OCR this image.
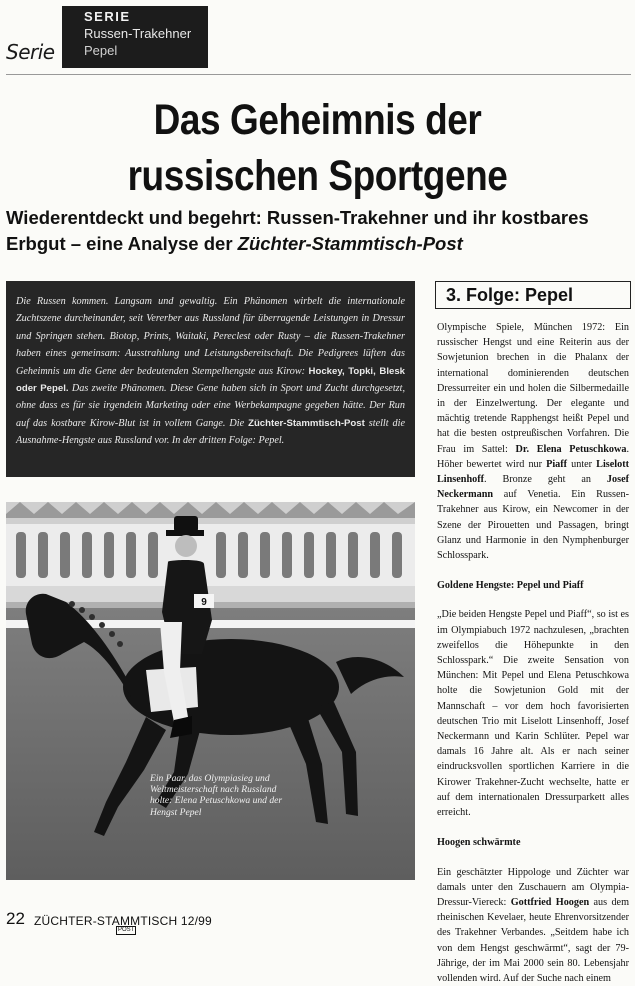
Serie
SERIE
Russen-Trakehner
Pepel
Das Geheimnis der
russischen Sportgene
Wiederentdeckt und begehrt: Russen-Trakehner und ihr kostbares Erbgut – eine Analyse der Züchter-Stammtisch-Post
Die Russen kommen. Langsam und gewaltig. Ein Phänomen wirbelt die internationale Zuchtszene durcheinander, seit Vererber aus Russland für überragende Leistungen in Dressur und Springen stehen. Biotop, Prints, Waitaki, Pereclest oder Rusty – die Russen-Trakehner haben eines gemeinsam: Ausstrahlung und Leistungsbereitschaft. Die Pedigrees lüften das Geheimnis um die Gene der bedeutenden Stempelhengste aus Kirow: Hockey, Topki, Blesk oder Pepel. Das zweite Phänomen. Diese Gene haben sich in Sport und Zucht durchgesetzt, ohne dass es für sie irgendein Marketing oder eine Werbekampagne gegeben hätte. Der Run auf das kostbare Kirow-Blut ist in vollem Gange. Die Züchter-Stammtisch-Post stellt die Ausnahme-Hengste aus Russland vor. In der dritten Folge: Pepel.
3. Folge: Pepel

Olympische Spiele, München 1972: Ein russischer Hengst und eine Reiterin aus der Sowjetunion brechen in die Phalanx der international dominierenden deutschen Dressurreiter ein und holen die Silbermedaille in der Einzelwertung. Der elegante und mächtig tretende Rapphengst heißt Pepel und hat die besten ostpreußischen Vorfahren. Die Frau im Sattel: Dr. Elena Petuschkowa. Höher bewertet wird nur Piaff unter Liselott Linsenhoff. Bronze geht an Josef Neckermann auf Venetia. Ein Russen-Trakehner aus Kirow, ein Newcomer in der Szene der Pirouetten und Passagen, bringt Glanz und Harmonie in den Nymphenburger Schlosspark.

Goldene Hengste: Pepel und Piaff

„Die beiden Hengste Pepel und Piaff“, so ist es im Olympiabuch 1972 nachzulesen, „brachten zweifellos die Höhepunkte in den Schlosspark.“ Die zweite Sensation von München: Mit Pepel und Elena Petuschkowa holte die Sowjetunion Gold mit der Mannschaft – vor dem hoch favorisierten deutschen Trio mit Liselott Linsenhoff, Josef Neckermann und Karin Schlüter. Pepel war damals 16 Jahre alt. Als er nach seiner eindrucksvollen sportlichen Karriere in die Kirower Trakehner-Zucht wechselte, hatte er auf dem internationalen Dressurparkett alles erreicht.

Hoogen schwärmte

Ein geschätzter Hippologe und Züchter war damals unter den Zuschauern am Olympia-Dressur-Viereck: Gottfried Hoogen aus dem rheinischen Kevelaer, heute Ehrenvorsitzender des Trakehner Verbandes. „Seitdem habe ich von dem Hengst geschwärmt“, sagt der 79-Jährige, der im Mai 2000 sein 80. Lebensjahr vollenden wird. Auf der Suche nach einem

9
Ein Paar, das Olympiasieg und Weltmeisterschaft nach Russland holte: Elena Petuschkowa und der Hengst Pepel
22 ZÜCHTER-STAMMTISCH 12/99
POST
